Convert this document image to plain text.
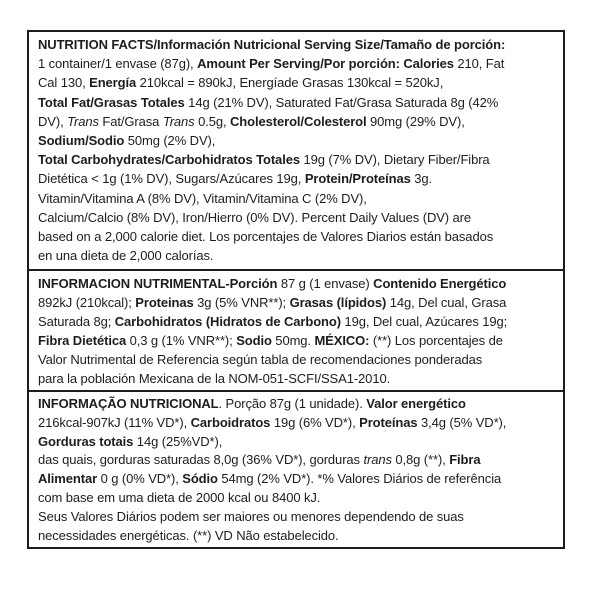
NUTRITION FACTS/Información Nutricional Serving Size/Tamaño de porción:
1 container/1 envase (87g), Amount Per Serving/Por porción: Calories 210, Fat
Cal 130, Energía 210kcal = 890kJ, Energíade Grasas 130kcal = 520kJ,
Total Fat/Grasas Totales 14g (21% DV), Saturated Fat/Grasa Saturada 8g (42%
DV), Trans Fat/Grasa Trans 0.5g, Cholesterol/Colesterol 90mg (29% DV),
Sodium/Sodio 50mg (2% DV),
Total Carbohydrates/Carbohidratos Totales 19g (7% DV), Dietary Fiber/Fibra
Dietética < 1g (1% DV), Sugars/Azúcares 19g, Protein/Proteínas 3g.
Vitamin/Vitamina A (8% DV), Vitamin/Vitamina C (2% DV),
Calcium/Calcio (8% DV), Iron/Hierro (0% DV). Percent Daily Values (DV) are
based on a 2,000 calorie diet. Los porcentajes de Valores Diarios están basados
en una dieta de 2,000 calorías.
INFORMACION NUTRIMENTAL-Porción 87 g (1 envase) Contenido Energético
892kJ (210kcal); Proteinas 3g (5% VNR**); Grasas (lípidos) 14g, Del cual, Grasa
Saturada 8g; Carbohidratos (Hidratos de Carbono) 19g, Del cual, Azúcares 19g;
Fibra Dietética 0,3 g (1% VNR**); Sodio 50mg. MÉXICO: (**) Los porcentajes de
Valor Nutrimental de Referencia según tabla de recomendaciones ponderadas
para la población Mexicana de la NOM-051-SCFI/SSA1-2010.
INFORMAÇÃO NUTRICIONAL. Porção 87g (1 unidade). Valor energético
216kcal-907kJ (11% VD*), Carboidratos 19g (6% VD*), Proteínas 3,4g (5% VD*),
Gorduras totais 14g (25%VD*),
das quais, gorduras saturadas 8,0g (36% VD*), gorduras trans 0,8g (**), Fibra
Alimentar 0 g (0% VD*), Sódio 54mg (2% VD*). *% Valores Diários de referência
com base em uma dieta de 2000 kcal ou 8400 kJ.
Seus Valores Diários podem ser maiores ou menores dependendo de suas
necessidades energéticas. (**) VD Não estabelecido.
